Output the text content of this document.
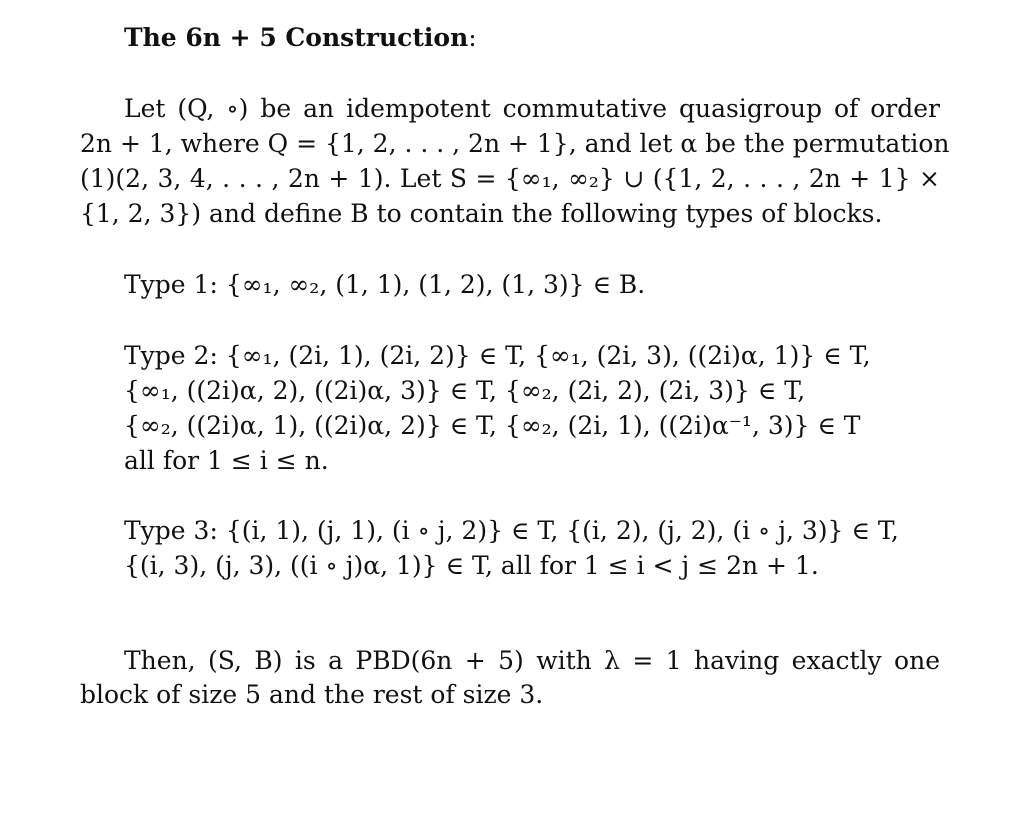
The 6n + 5 Construction:
Let (Q, ∘) be an idempotent commutative quasigroup of order
2n + 1, where Q = {1, 2, . . . , 2n + 1}, and let α be the permutation
(1)(2, 3, 4, . . . , 2n + 1). Let S = {∞₁, ∞₂} ∪ ({1, 2, . . . , 2n + 1} ×
{1, 2, 3}) and define B to contain the following types of blocks.
Type 1: {∞₁, ∞₂, (1, 1), (1, 2), (1, 3)} ∈ B.
Type 2: {∞₁, (2i, 1), (2i, 2)} ∈ T, {∞₁, (2i, 3), ((2i)α, 1)} ∈ T,
{∞₁, ((2i)α, 2), ((2i)α, 3)} ∈ T, {∞₂, (2i, 2), (2i, 3)} ∈ T,
{∞₂, ((2i)α, 1), ((2i)α, 2)} ∈ T, {∞₂, (2i, 1), ((2i)α⁻¹, 3)} ∈ T
all for 1 ≤ i ≤ n.
Type 3: {(i, 1), (j, 1), (i ∘ j, 2)} ∈ T, {(i, 2), (j, 2), (i ∘ j, 3)} ∈ T,
{(i, 3), (j, 3), ((i ∘ j)α, 1)} ∈ T, all for 1 ≤ i < j ≤ 2n + 1.
Then, (S, B) is a PBD(6n + 5) with λ = 1 having exactly one
block of size 5 and the rest of size 3.
